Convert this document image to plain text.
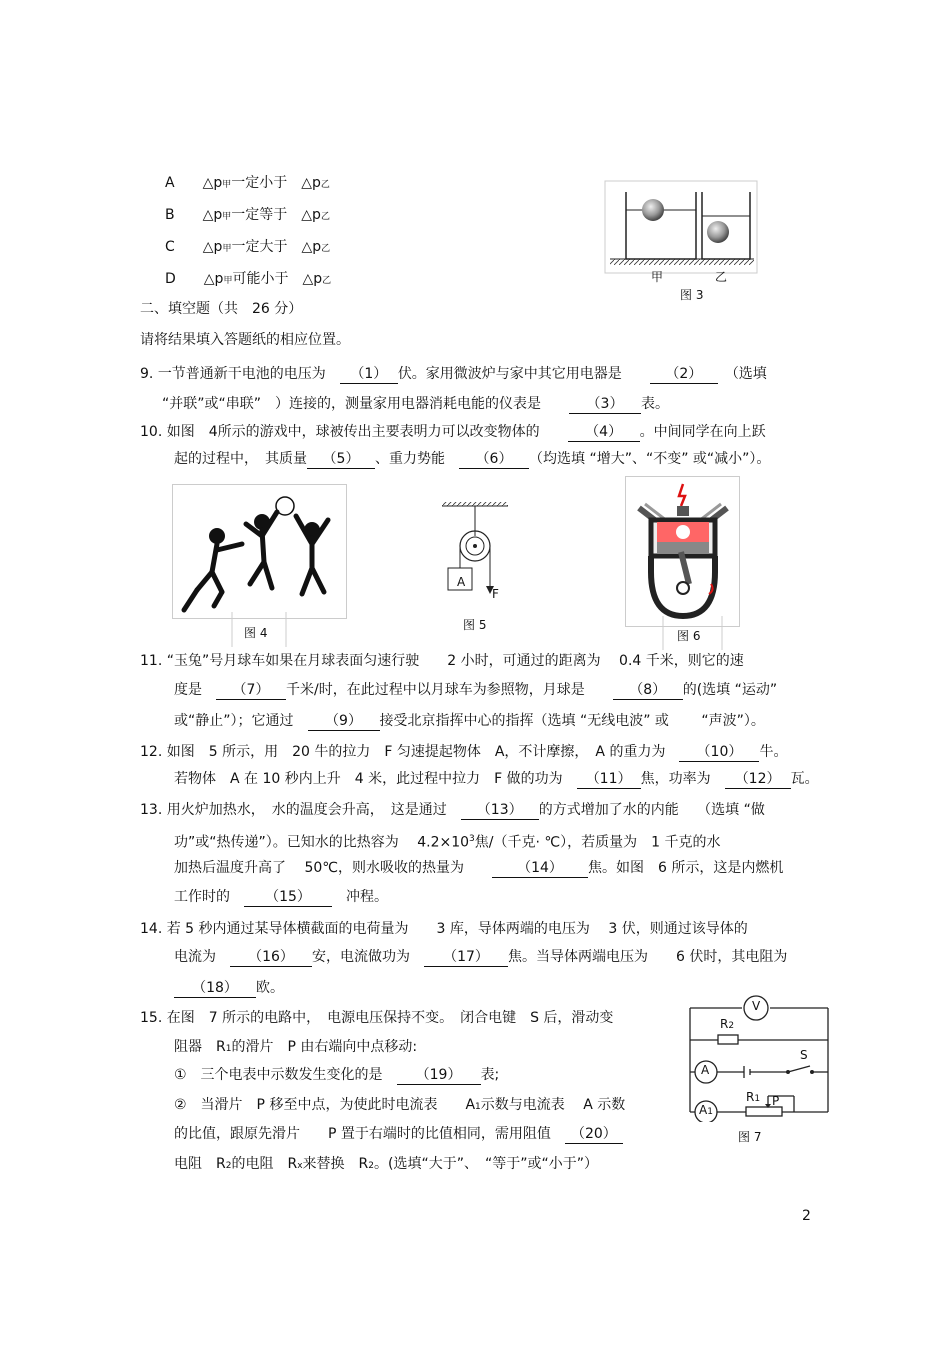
A　　 △p甲一定小于　 △p乙
B　　 △p甲一定等于　 △p乙
C　　 △p甲一定大于　 △p乙
D　　 △p甲可能小于　 △p乙	甲	乙
图 3
二、填空题（共　26 分）
请将结果填入答题纸的相应位置。
9. 一节普通新干电池的电压为　 （1） 伏。家用微波炉与家中其它用电器是　　	（2）　 （选填
“并联”或“串联”　）连接的，测量家用电器消耗电能的仪表是　　	（3） 表。
10. 如图　4所示的游戏中，球被传出主要表明力可以改变物体的　　	（4） 。中间同学在向上跃
起的过程中，　其质量 （5） 、重力势能　 （6） （均选填 “增大”、“不变” 或“减小”）。
图 4
A
F
图 5
图 6
11. “玉兔”号月球车如果在月球表面匀速行驶　　2 小时，可通过的距离为　 0.4 千米，则它的速
度是　 （7） 千米/时，在此过程中以月球车为参照物，月球是　　	（8） 的(选填 “运动”
或“静止”）；它通过　 （9） 接受北京指挥中心的指挥（选填 “无线电波” 或　　 “声波”）。
12. 如图　5 所示，用　20 牛的拉力　F 匀速提起物体　A，不计摩擦，　A 的重力为　 （10） 牛。
若物体　A 在 10 秒内上升　4 米，此过程中拉力　F 做的功为　 （11） 焦，功率为　 （12） 瓦。
13. 用火炉加热水，　水的温度会升高，　这是通过　 （13） 的方式增加了水的内能　 （选填 “做
功”或“热传递”）。已知水的比热容为　 $4.2\times 10^3$焦/（千克· ℃），若质量为　1 千克的水
加热后温度升高了　 50℃，则水吸收的热量为　　	（14） 焦。如图　6 所示，这是内燃机
工作时的　	（15）　	冲程。
14. 若 5 秒内通过某导体横截面的电荷量为　　3 库，导体两端的电压为　 3 伏，则通过该导体的
电流为　 （16） 安，电流做功为　 （17） 焦。当导体两端电压为　　6 伏时，其电阻为
（18） 欧。
15. 在图　7 所示的电路中，　电源电压保持不变。　闭合电键　S 后，滑动变
阻器　R1的滑片　P 由右端向中点移动:
①　三个电表中示数发生变化的是　 （19） 表;
②　当滑片　P 移至中点，为使此时电流表　　A1示数与电流表　 A 示数
的比值，跟原先滑片　　P 置于右端时的比值相同，需用阻值　 （20）
电阻　R2的电阻　Rx来替换　R2。(选填“大于”、　“等于”或“小于”）
V
A
A1
R2
R1 P
S
图 7
2
